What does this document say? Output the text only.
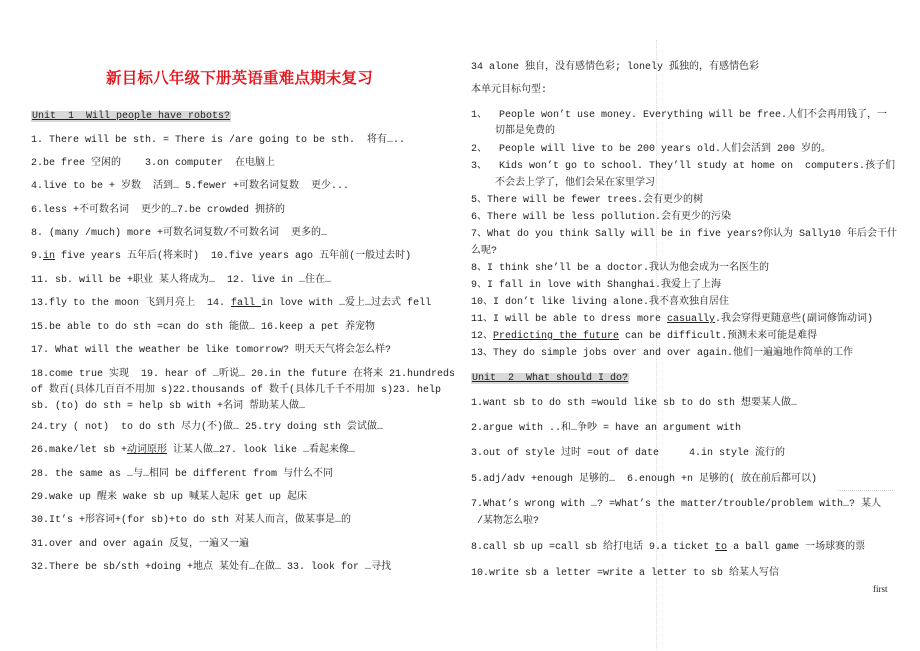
新目标八年级下册英语重难点期末复习
Unit  1  Will people have robots?
1. There will be sth. = There is /are going to be sth.  将有…..
2.be free 空闲的    3.on computer  在电脑上
4.live to be + 岁数  活到… 5.fewer +可数名词复数  更少...
6.less +不可数名词  更少的…7.be crowded 拥挤的
8. (many /much) more +可数名词复数/不可数名词  更多的…
9.in five years 五年后(将来时)  10.five years ago 五年前(一般过去时)
11. sb. will be +职业 某人将成为…  12. live in …住在…
13.fly to the moon 飞到月亮上  14. fall in love with …爱上…过去式 fell
15.be able to do sth =can do sth 能做… 16.keep a pet 养宠物
17. What will the weather be like tomorrow? 明天天气将会怎么样?
18.come true 实现  19. hear of …听说… 20.in the future 在将来 21.hundreds
of 数百(具体几百百不用加 s)22.thousands of 数千(具体几千千不用加 s)23. help
sb. (to) do sth = help sb with +名词 帮助某人做…
24.try ( not)  to do sth 尽力(不)做… 25.try doing sth 尝试做…
26.make/let sb +动词原形 让某人做…27. look like …看起来像…
28. the same as …与…相同 be different from 与什么不同
29.wake up 醒来 wake sb up 喊某人起床 get up 起床
30.It’s +形容词+(for sb)+to do sth 对某人而言，做某事是…的
31.over and over again 反复，一遍又一遍
32.There be sb/sth +doing +地点 某处有…在做… 33. look for …寻找
34 alone 独自，没有感情色彩; lonely 孤独的，有感情色彩
本单元目标句型:
1、  People won’t use money. Everything will be free.人们不会再用钱了，一
切都是免费的
2、  People will live to be 200 years old.人们会活到 200 岁的。
3、  Kids won’t go to school. They’ll study at home on  computers.孩子们
不会去上学了，他们会呆在家里学习
5、There will be fewer trees.会有更少的树
6、There will be less pollution.会有更少的污染
7、What do you think Sally will be in five years?你认为 Sally10 年后会干什
么呢?
8、I think she’ll be a doctor.我认为他会成为一名医生的
9、I fall in love with Shanghai.我爱上了上海
10、I don’t like living alone.我不喜欢独自居住
11、I will be able to dress more casually.我会穿得更随意些(副词修饰动词)
12、Predicting the future can be difficult.预测未来可能是难得
13、They do simple jobs over and over again.他们一遍遍地作简单的工作
Unit  2  What should I do?
1.want sb to do sth =would like sb to do sth 想要某人做…
2.argue with ..和…争吵 = have an argument with
3.out of style 过时 =out of date     4.in style 流行的
5.adj/adv +enough 足够的…  6.enough +n 足够的( 放在前后都可以)
7.What’s wrong with …? =What’s the matter/trouble/problem with…? 某人
/某物怎么啦?
8.call sb up =call sb 给打电话 9.a ticket to a ball game 一场球赛的票
10.write sb a letter =write a letter to sb 给某人写信
first
